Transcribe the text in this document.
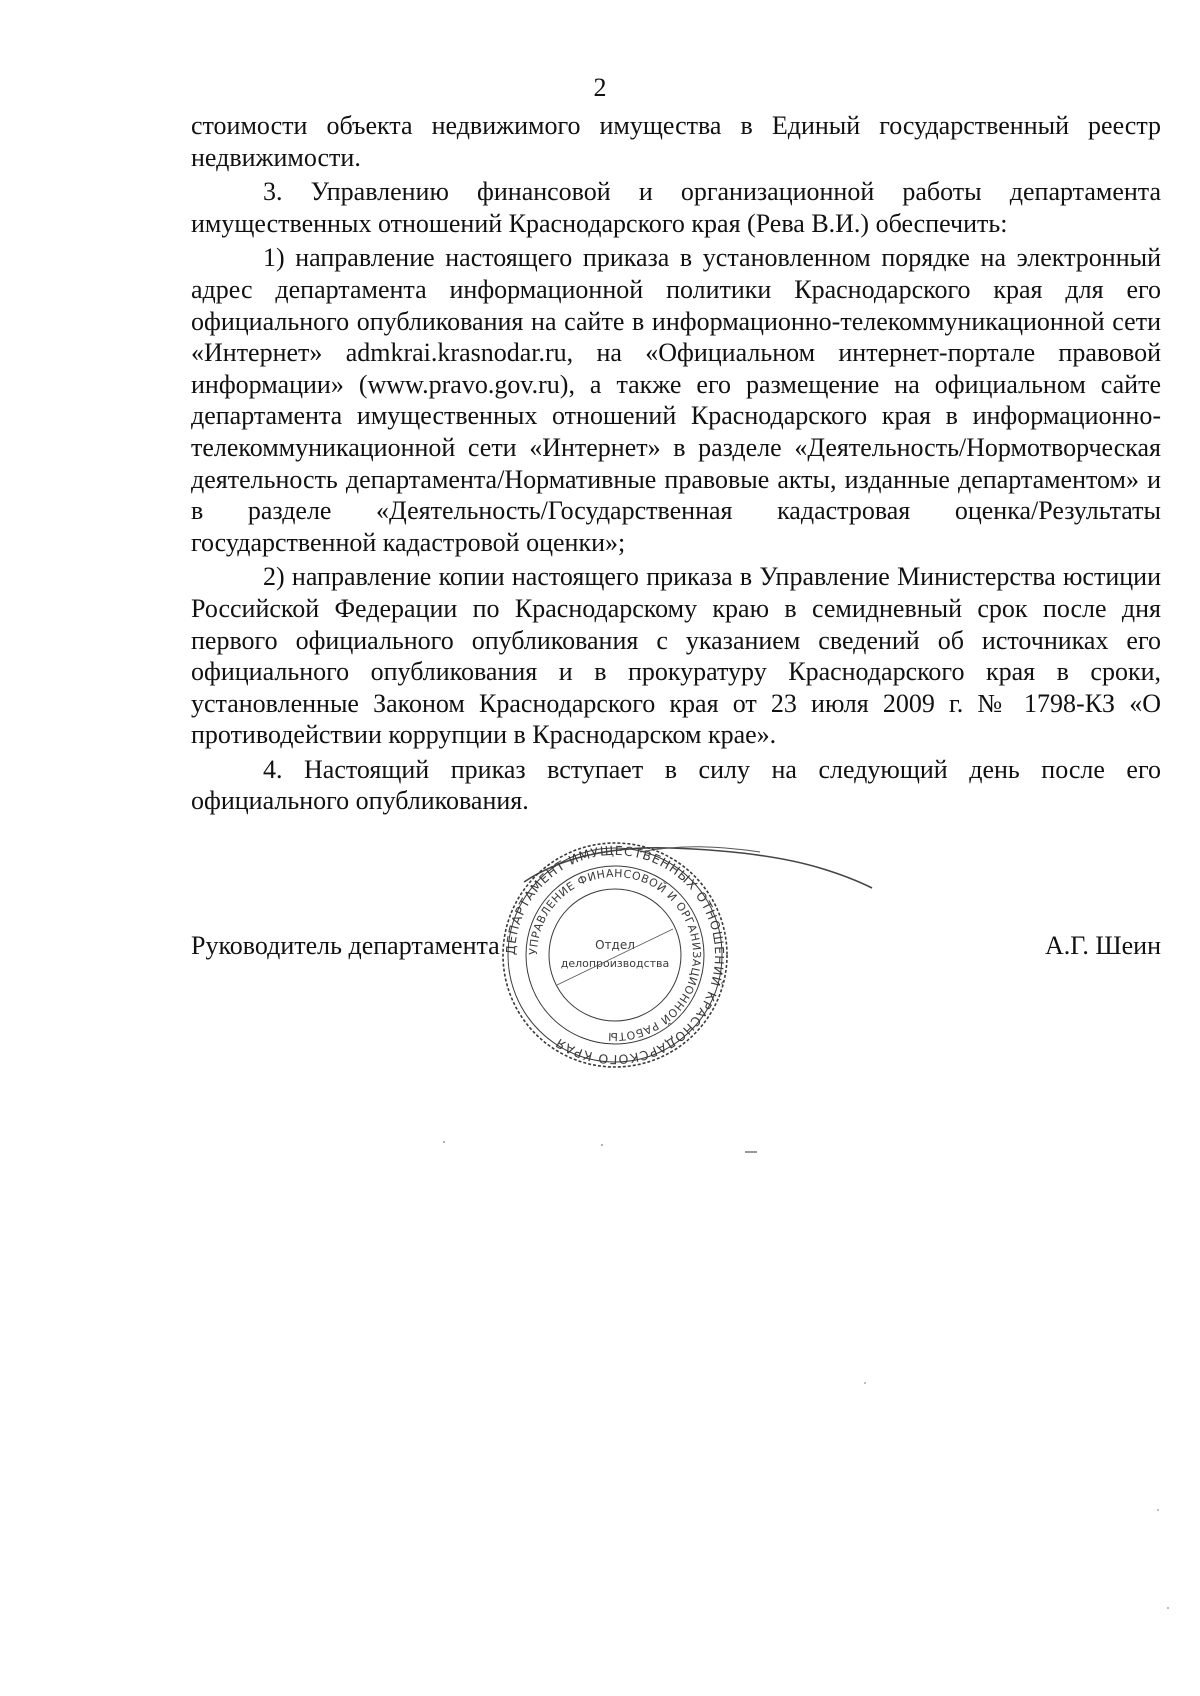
2

стоимости объекта недвижимого имущества в Единый государственный реестр недвижимости.

3. Управлению финансовой и организационной работы департамента имущественных отношений Краснодарского края (Рева В.И.) обеспечить:

1) направление настоящего приказа в установленном порядке на электронный адрес департамента информационной политики Краснодарского края для его официального опубликования на сайте в информационно-телекоммуникационной сети «Интернет» admkrai.krasnodar.ru, на «Официальном интернет-портале правовой информации» (www.pravo.gov.ru), а также его размещение на официальном сайте департамента имущественных отношений Краснодарского края в информационно-телекоммуникационной сети «Интернет» в разделе «Деятельность/Нормотворческая деятельность департамента/Нормативные правовые акты, изданные департаментом» и в разделе «Деятельность/Государственная кадастровая оценка/Результаты государственной кадастровой оценки»;

2) направление копии настоящего приказа в Управление Министерства юстиции Российской Федерации по Краснодарскому краю в семидневный срок после дня первого официального опубликования с указанием сведений об источниках его официального опубликования и в прокуратуру Краснодарского края в сроки, установленные Законом Краснодарского края от 23 июля 2009 г. № 1798-КЗ «О противодействии коррупции в Краснодарском крае».

4. Настоящий приказ вступает в силу на следующий день после его официального опубликования.

ДЕПАРТАМЕНТ ИМУЩЕСТВЕННЫХ ОТНОШЕНИЙ КРАСНОДАРСКОГО КРАЯ
УПРАВЛЕНИЕ ФИНАНСОВОЙ И ОРГАНИЗАЦИОННОЙ РАБОТЫ
Отдел
делопроизводства
Руководитель департамента	А.Г. Шеин
